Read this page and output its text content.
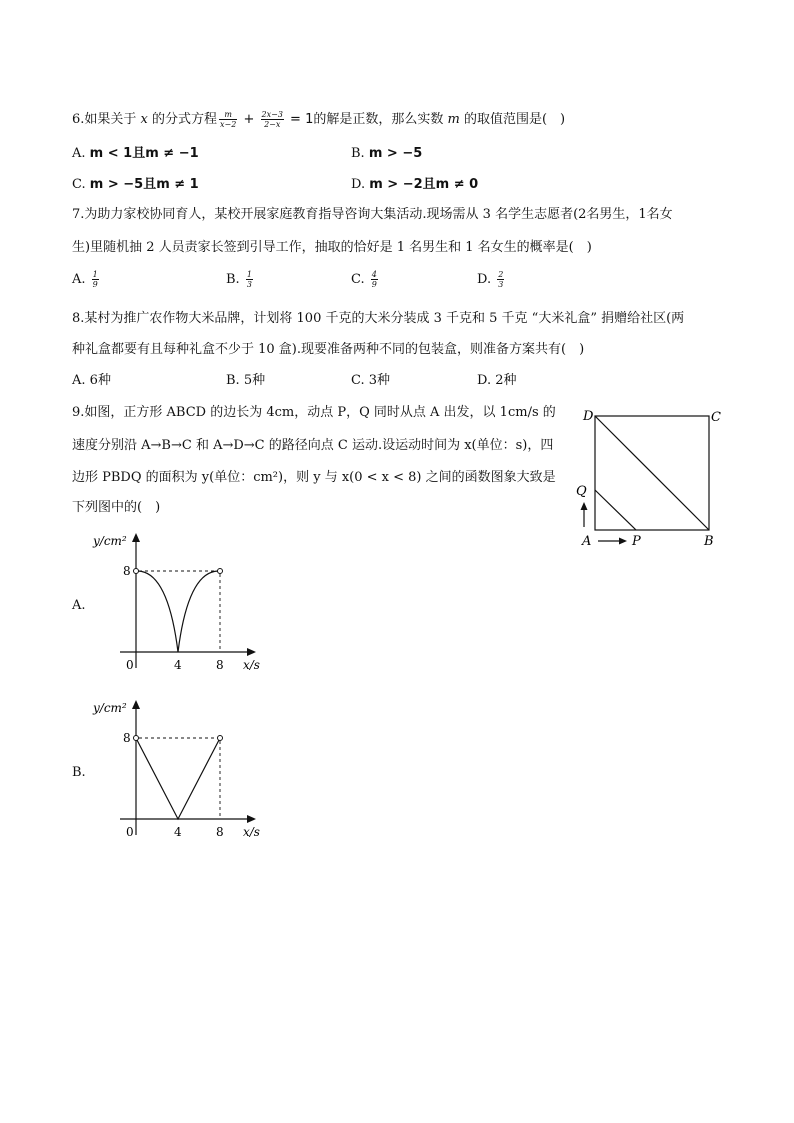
6.如果关于 x 的分式方程 $\frac{m}{x-2} + \frac{2x-3}{2-x} = 1$的解是正数，那么实数 m 的取值范围是(　)
A. m < 1且m ≠ −1	B. m > −5
C. m > −5且m ≠ 1	D. m > −2且m ≠ 0
7.为助力家校协同育人，某校开展家庭教育指导咨询大集活动.现场需从 3 名学生志愿者(2名男生，1名女
生)里随机抽 2 人员责家长签到引导工作，抽取的恰好是 1 名男生和 1 名女生的概率是(　)
A. $\frac{1}{9}$	B. $\frac{1}{3}$	C. $\frac{4}{9}$	D. $\frac{2}{3}$
8.某村为推广农作物大米品牌，计划将 100 千克的大米分装成 3 千克和 5 千克 “大米礼盒” 捐赠给社区(两
种礼盒都要有且每种礼盒不少于 10 盒).现要准备两种不同的包装盒，则准备方案共有(　)
A. 6种	B. 5种	C. 3种	D. 2种
9.如图，正方形 ABCD 的边长为 4cm，动点 P，Q 同时从点 A 出发，以 1cm/s 的
速度分别沿 A→B→C 和 A→D→C 的路径向点 C 运动.设运动时间为 x(单位：s)，四
边形 PBDQ 的面积为 y(单位：cm²)，则 y 与 x(0 < x < 8) 之间的函数图象大致是
下列图中的(　)
D	C
Q
A	P	B
A.
y/cm²
8
0	4	8 x/s
B.
y/cm²
8
0	4	8 x/s
